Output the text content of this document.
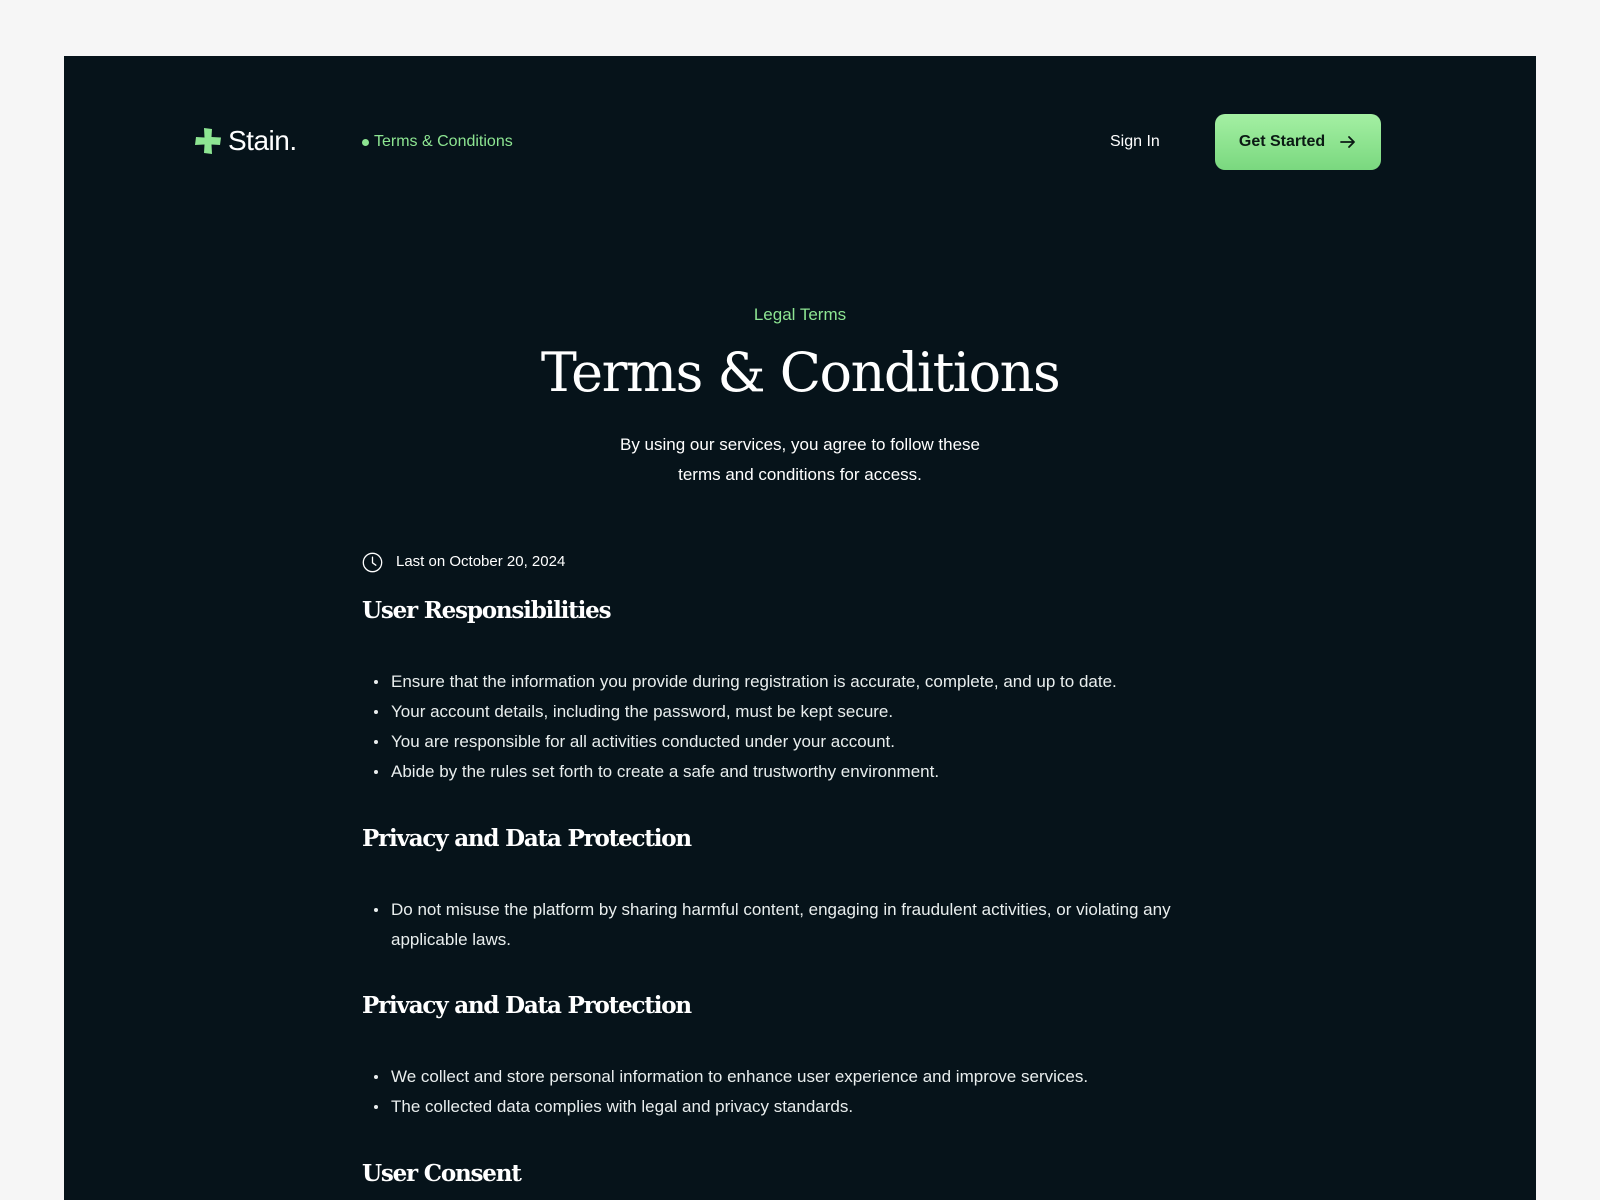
Stain.	Terms & Conditions	Sign In	Get Started
Legal Terms
Terms & Conditions

By using our services, you agree to follow these
terms and conditions for access.

Last on October 20, 2024
User Responsibilities
Ensure that the information you provide during registration is accurate, complete, and up to date.
Your account details, including the password, must be kept secure.
You are responsible for all activities conducted under your account.
Abide by the rules set forth to create a safe and trustworthy environment.
Privacy and Data Protection
Do not misuse the platform by sharing harmful content, engaging in fraudulent activities, or violating any applicable laws.
Privacy and Data Protection
We collect and store personal information to enhance user experience and improve services.
The collected data complies with legal and privacy standards.
User Consent
